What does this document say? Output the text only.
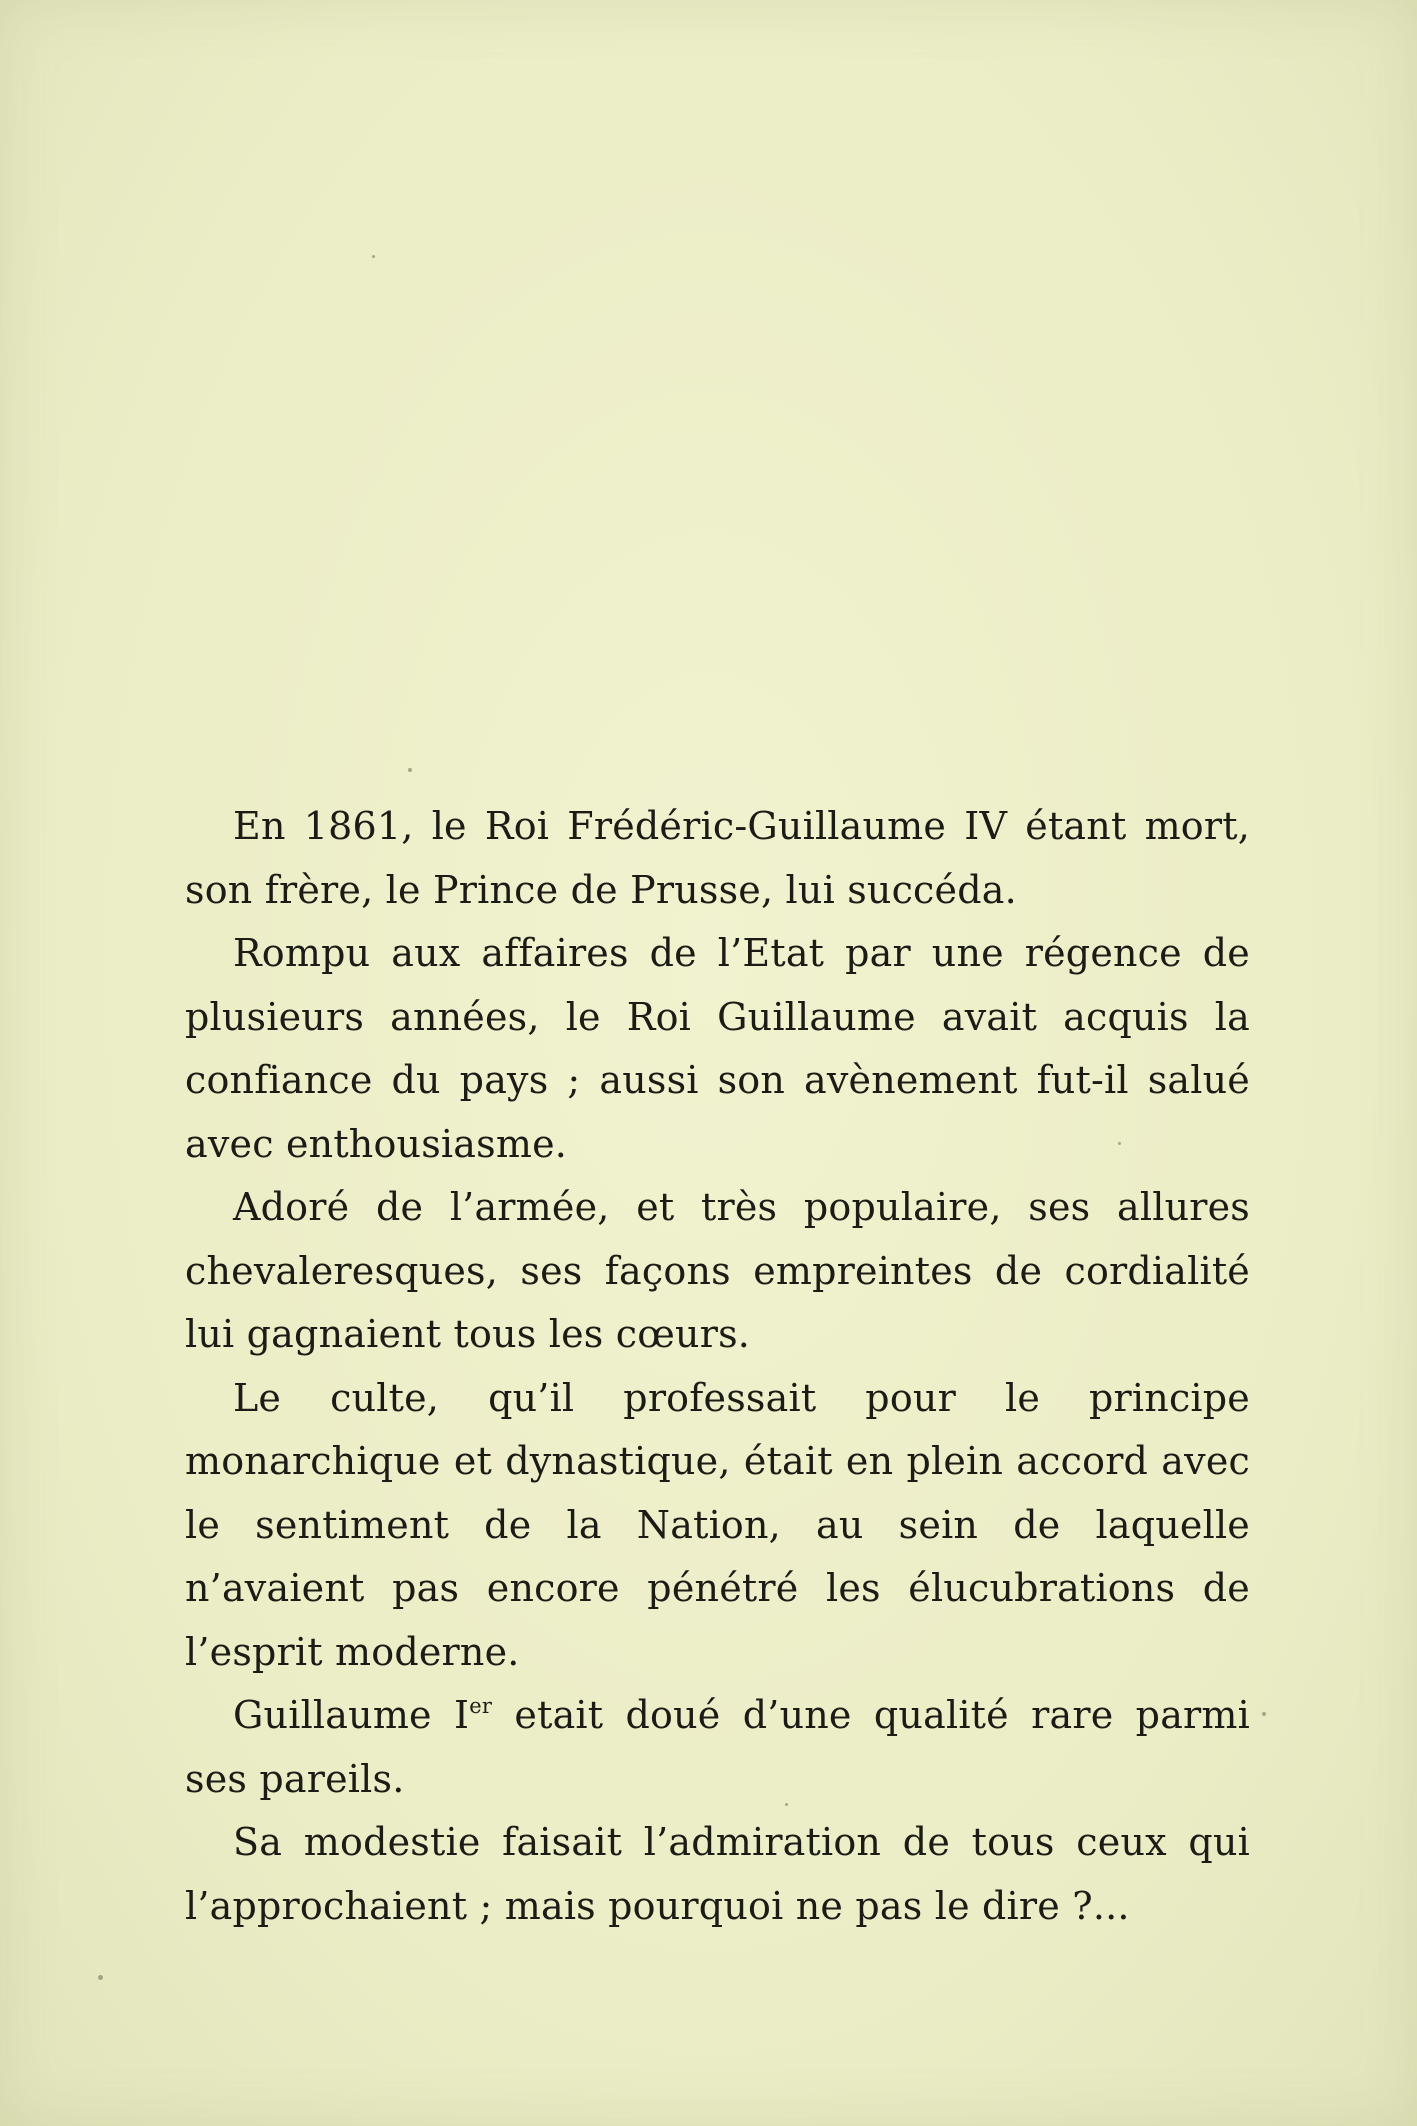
En 1861, le Roi Frédéric-Guillaume IV étant mort, son frère, le Prince de Prusse, lui succéda.

Rompu aux affaires de l’Etat par une régence de plusieurs années, le Roi Guillaume avait acquis la confiance du pays ; aussi son avènement fut-il salué avec enthousiasme.

Adoré de l’armée, et très populaire, ses allures chevaleresques, ses façons empreintes de cordialité lui gagnaient tous les cœurs.

Le culte, qu’il professait pour le principe monarchique et dynastique, était en plein accord avec le sentiment de la Nation, au sein de laquelle n’avaient pas encore pénétré les élucubrations de l’esprit moderne.

Guillaume Ier etait doué d’une qualité rare parmi ses pareils.

Sa modestie faisait l’admiration de tous ceux qui l’approchaient ; mais pourquoi ne pas le dire ?...
